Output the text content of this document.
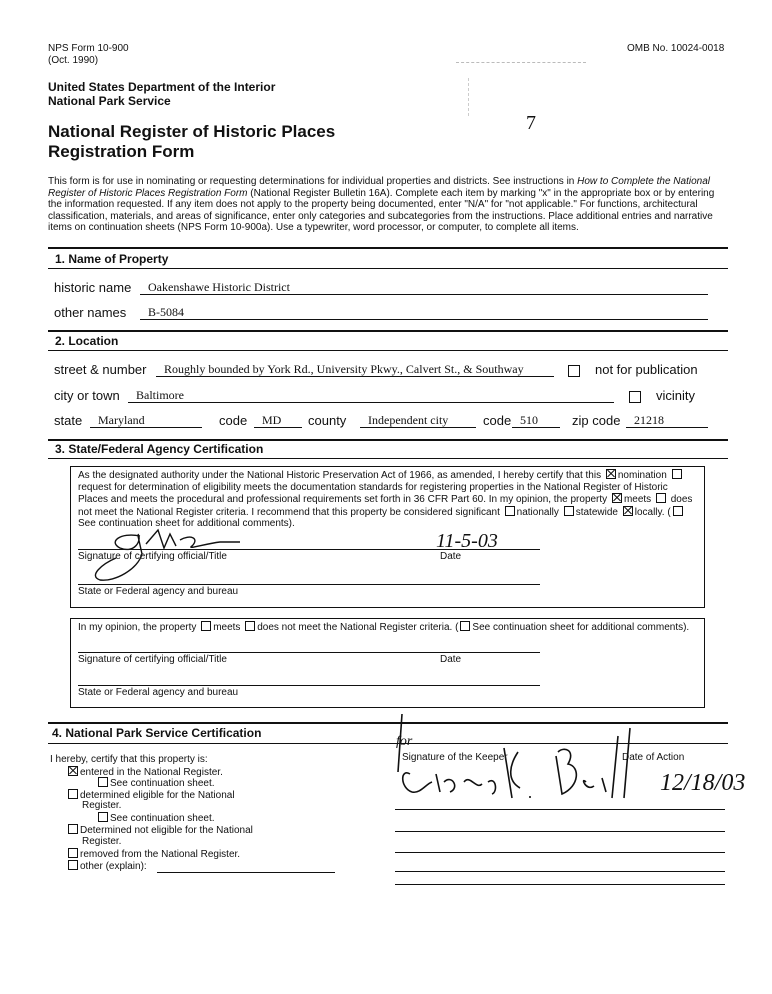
NPS Form 10-900
(Oct. 1990)
OMB No. 10024-0018
United States Department of the Interior
National Park Service
National Register of Historic Places
Registration Form
7
This form is for use in nominating or requesting determinations for individual properties and districts. See instructions in How to Complete the National Register of Historic Places Registration Form (National Register Bulletin 16A). Complete each item by marking "x" in the appropriate box or by entering the information requested. If any item does not apply to the property being documented, enter "N/A" for "not applicable." For functions, architectural classification, materials, and areas of significance, enter only categories and subcategories from the instructions. Place additional entries and narrative items on continuation sheets (NPS Form 10-900a). Use a typewriter, word processor, or computer, to complete all items.
1. Name of Property
historic name	Oakenshawe Historic District
other names	B-5084
2. Location
street & number	Roughly bounded by York Rd., University Pkwy., Calvert St., & Southway	not for publication
city or town	Baltimore	vicinity
state	Maryland	code	MD	county	Independent city	code 510	zip code	21218
3. State/Federal Agency Certification
As the designated authority under the National Historic Preservation Act of 1966, as amended, I hereby certify that this nomination  request for determination of eligibility meets the documentation standards for registering properties in the National Register of Historic Places and meets the procedural and professional requirements set forth in 36 CFR Part 60. In my opinion, the property meets does not meet the National Register criteria. I recommend that this property be considered significant nationally statewide locally. ( See continuation sheet for additional comments).
11-5-03
Signature of certifying official/Title	Date
State or Federal agency and bureau
In my opinion, the property meets does not meet the National Register criteria. ( See continuation sheet for additional comments).
Signature of certifying official/Title	Date
State or Federal agency and bureau
4. National Park Service Certification
I hereby, certify that this property is:
entered in the National Register.
See continuation sheet.
determined eligible for the National
Register.
See continuation sheet.
Determined not eligible for the National
Register.
removed from the National Register.
other (explain):
Signature of the Keeper	Date of Action
for
12/18/03
